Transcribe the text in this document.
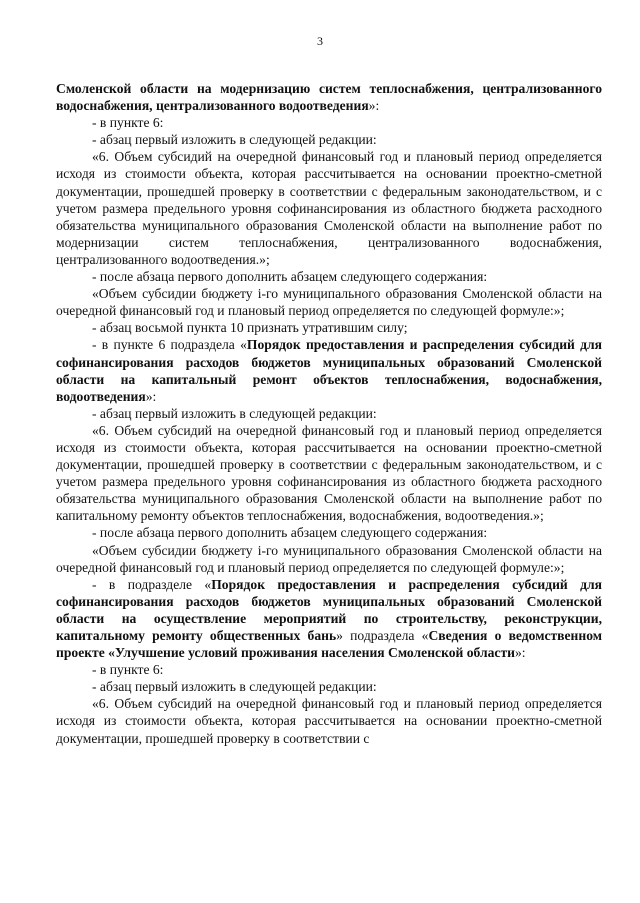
3

Смоленской области на модернизацию систем теплоснабжения, централизованного водоснабжения, централизованного водоотведения»:

- в пункте 6:

- абзац первый изложить в следующей редакции:

«6. Объем субсидий на очередной финансовый год и плановый период определяется исходя из стоимости объекта, которая рассчитывается на основании проектно-сметной документации, прошедшей проверку в соответствии с федеральным законодательством, и с учетом размера предельного уровня софинансирования из областного бюджета расходного обязательства муниципального образования Смоленской области на выполнение работ по модернизации систем теплоснабжения, централизованного водоснабжения, централизованного водоотведения.»;

- после абзаца первого дополнить абзацем следующего содержания:

«Объем субсидии бюджету i-го муниципального образования Смоленской области на очередной финансовый год и плановый период определяется по следующей формуле:»;

- абзац восьмой пункта 10 признать утратившим силу;

- в пункте 6 подраздела «Порядок предоставления и распределения субсидий для софинансирования расходов бюджетов муниципальных образований Смоленской области на капитальный ремонт объектов теплоснабжения, водоснабжения, водоотведения»:

- абзац первый изложить в следующей редакции:

«6. Объем субсидий на очередной финансовый год и плановый период определяется исходя из стоимости объекта, которая рассчитывается на основании проектно-сметной документации, прошедшей проверку в соответствии с федеральным законодательством, и с учетом размера предельного уровня софинансирования из областного бюджета расходного обязательства муниципального образования Смоленской области на выполнение работ по капитальному ремонту объектов теплоснабжения, водоснабжения, водоотведения.»;

- после абзаца первого дополнить абзацем следующего содержания:

«Объем субсидии бюджету i-го муниципального образования Смоленской области на очередной финансовый год и плановый период определяется по следующей формуле:»;

- в подразделе «Порядок предоставления и распределения субсидий для софинансирования расходов бюджетов муниципальных образований Смоленской области на осуществление мероприятий по строительству, реконструкции, капитальному ремонту общественных бань» подраздела «Сведения о ведомственном проекте «Улучшение условий проживания населения Смоленской области»:

- в пункте 6:

- абзац первый изложить в следующей редакции:

«6. Объем субсидий на очередной финансовый год и плановый период определяется исходя из стоимости объекта, которая рассчитывается на основании проектно-сметной документации, прошедшей проверку в соответствии с
